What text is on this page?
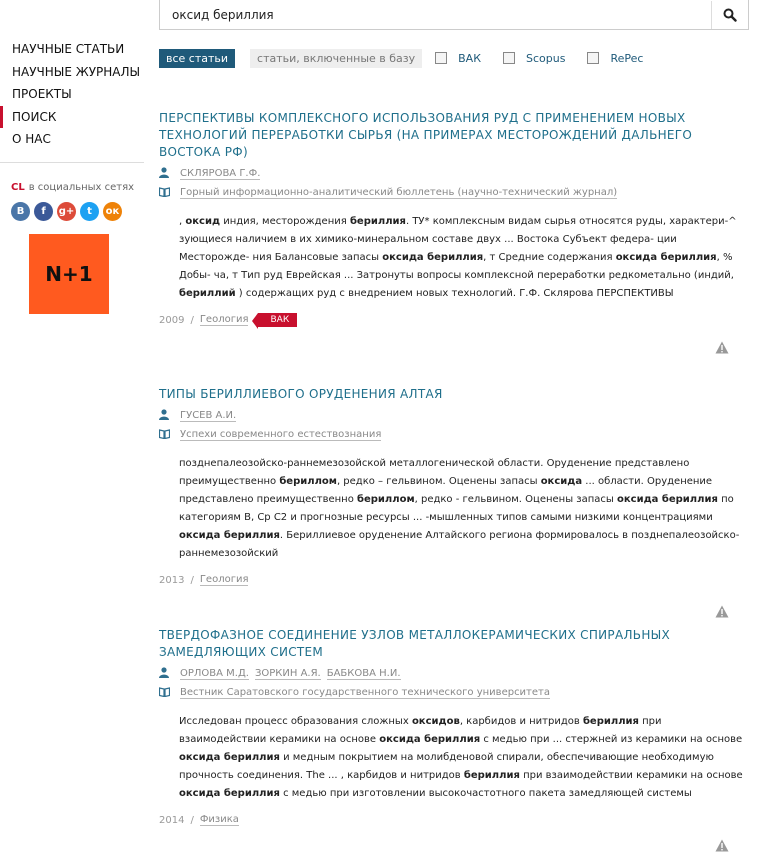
НАУЧНЫЕ СТАТЬИ
НАУЧНЫЕ ЖУРНАЛЫ
ПРОЕКТЫ
ПОИСК
О НАС
CL в социальных сетях
В	f	g+	t	ок
N+1
оксид бериллия
все статьи	статьи, включенные в базу	ВАК	Scopus	RePec
ПЕРСПЕКТИВЫ КОМПЛЕКСНОГО ИСПОЛЬЗОВАНИЯ РУД С ПРИМЕНЕНИЕМ НОВЫХ ТЕХНОЛОГИЙ ПЕРЕРАБОТКИ СЫРЬЯ (НА ПРИМЕРАХ МЕСТОРОЖДЕНИЙ ДАЛЬНЕГО ВОСТОКА РФ)
СКЛЯРОВА Г.Ф.
Горный информационно-аналитический бюллетень (научно-технический журнал)
, оксид индия, месторождения бериллия. ТУ* комплексным видам сырья относятся руды, характери-^ зующиеся наличием в их химико-минеральном составе двух ... Востока Субъект федера- ции Месторожде- ния Балансовые запасы оксида бериллия, т Средние содержания оксида бериллия, % Добы- ча, т Тип руд Еврейская ... Затронуты вопросы комплексной переработки редкометально (индий, бериллий ) содержащих руд с внедрением новых технологий. Г.Ф. Склярова ПЕРСПЕКТИВЫ
2009 / Геология	ВАК
ТИПЫ БЕРИЛЛИЕВОГО ОРУДЕНЕНИЯ АЛТАЯ
ГУСЕВ А.И.
Успехи современного естествознания
позднепалеозойско-раннемезозойской металлогенической области. Оруденение представлено преимущественно бериллом, редко – гельвином. Оценены запасы оксида ... области. Оруденение представлено преимущественно бериллом, редко - гельвином. Оценены запасы оксида бериллия по категориям В, Ср С2 и прогнозные ресурсы ... -мышленных типов самыми низкими концентрациями оксида бериллия. Бериллиевое оруденение Алтайского региона формировалось в позднепалеозойско-раннемезозойский
2013 / Геология
ТВЕРДОФАЗНОЕ СОЕДИНЕНИЕ УЗЛОВ МЕТАЛЛОКЕРАМИЧЕСКИХ СПИРАЛЬНЫХ ЗАМЕДЛЯЮЩИХ СИСТЕМ
ОРЛОВА М.Д. ЗОРКИН А.Я. БАБКОВА Н.И.
Вестник Саратовского государственного технического университета
Исследован процесс образования сложных оксидов, карбидов и нитридов бериллия при взаимодействии керамики на основе оксида бериллия с медью при ... стержней из керамики на основе оксида бериллия и медным покрытием на молибденовой спирали, обеспечивающие необходимую прочность соединения. The ... , карбидов и нитридов бериллия при взаимодействии керамики на основе оксида бериллия с медью при изготовлении высокочастотного пакета замедляющей системы
2014 / Физика
